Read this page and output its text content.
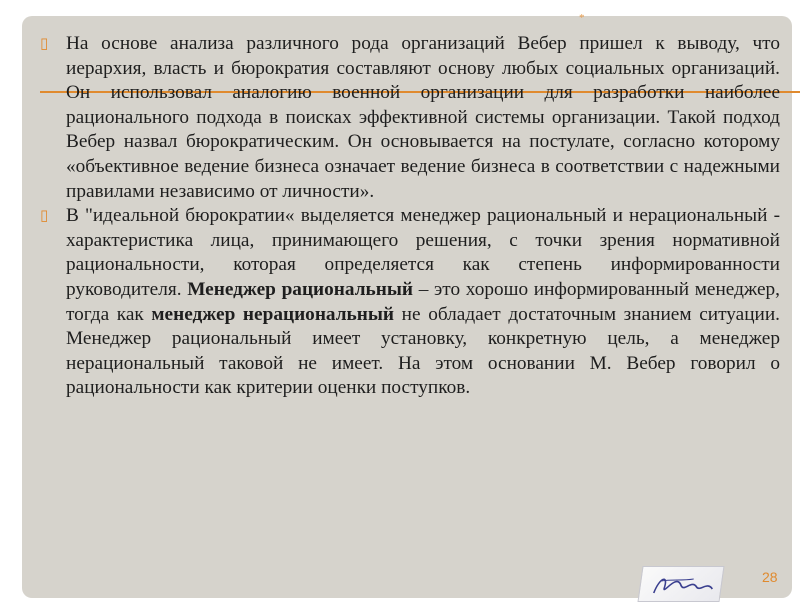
*
▯ На основе анализа различного рода организаций Вебер пришел к выводу, что иерархия, власть и бюрократия составляют основу любых социальных организаций. Он использовал аналогию военной организации для разработки наиболее рационального подхода в поисках эффективной системы организации. Такой подход Вебер назвал бюрократическим. Он основывается на постулате, согласно которому «объективное ведение бизнеса означает ведение бизнеса в соответствии с надежными правилами независимо от личности».
▯ В "идеальной бюрократии« выделяется менеджер рациональный и нерациональный - характеристика лица, принимающего решения, с точки зрения нормативной рациональности, которая определяется как степень информированности руководителя. Менеджер рациональный – это хорошо информированный менеджер, тогда как менеджер нерациональный не обладает достаточным знанием ситуации. Менеджер рациональный имеет установку, конкретную цель, а менеджер нерациональный таковой не имеет. На этом основании М. Вебер говорил о рациональности как критерии оценки поступков.
28
